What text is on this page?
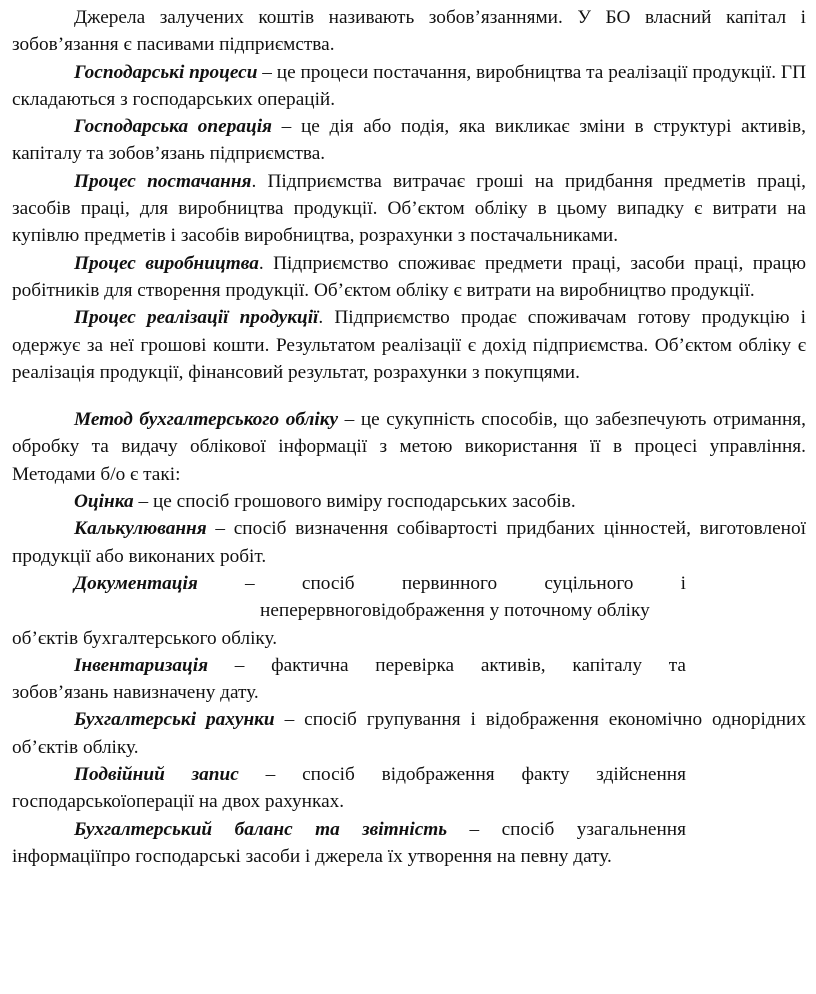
Джерела залучених коштів називають зобов’язаннями. У БО власний капітал і зобов’язання є пасивами підприємства.

Господарські процеси – це процеси постачання, виробництва та реалізації продукції. ГП складаються з господарських операцій.

Господарська операція – це дія або подія, яка викликає зміни в структурі активів, капіталу та зобов’язань підприємства.

Процес постачання. Підприємства витрачає гроші на придбання предметів праці, засобів праці, для виробництва продукції. Об’єктом обліку в цьому випадку є витрати на купівлю предметів і засобів виробництва, розрахунки з постачальниками.

Процес виробництва. Підприємство споживає предмети праці, засоби праці, працю робітників для створення продукції. Об’єктом обліку є витрати на виробництво продукції.

Процес реалізації продукції. Підприємство продає споживачам готову продукцію і одержує за неї грошові кошти. Результатом реалізації є дохід підприємства. Об’єктом обліку є реалізація продукції, фінансовий результат, розрахунки з покупцями.

Метод бухгалтерського обліку – це сукупність способів, що забезпечують отримання, обробку та видачу облікової інформації з метою використання її в процесі управління. Методами б/о є такі:

Оцінка – це спосіб грошового виміру господарських засобів.

Калькулювання – спосіб визначення собівартості придбаних цінностей, виготовленої продукції або виконаних робіт.

Документація – спосіб первинного суцільного і

неперервноговідображення у поточному обліку

об’єктів бухгалтерського обліку.

Інвентаризація – фактична перевірка активів, капіталу та

зобов’язань навизначену дату.

Бухгалтерські рахунки – спосіб групування і відображення економічно однорідних об’єктів обліку.

Подвійний запис – спосіб відображення факту здійснення

господарськоїоперації на двох рахунках.

Бухгалтерський баланс та звітність – спосіб узагальнення

інформаціїпро господарські засоби і джерела їх утворення на певну дату.
